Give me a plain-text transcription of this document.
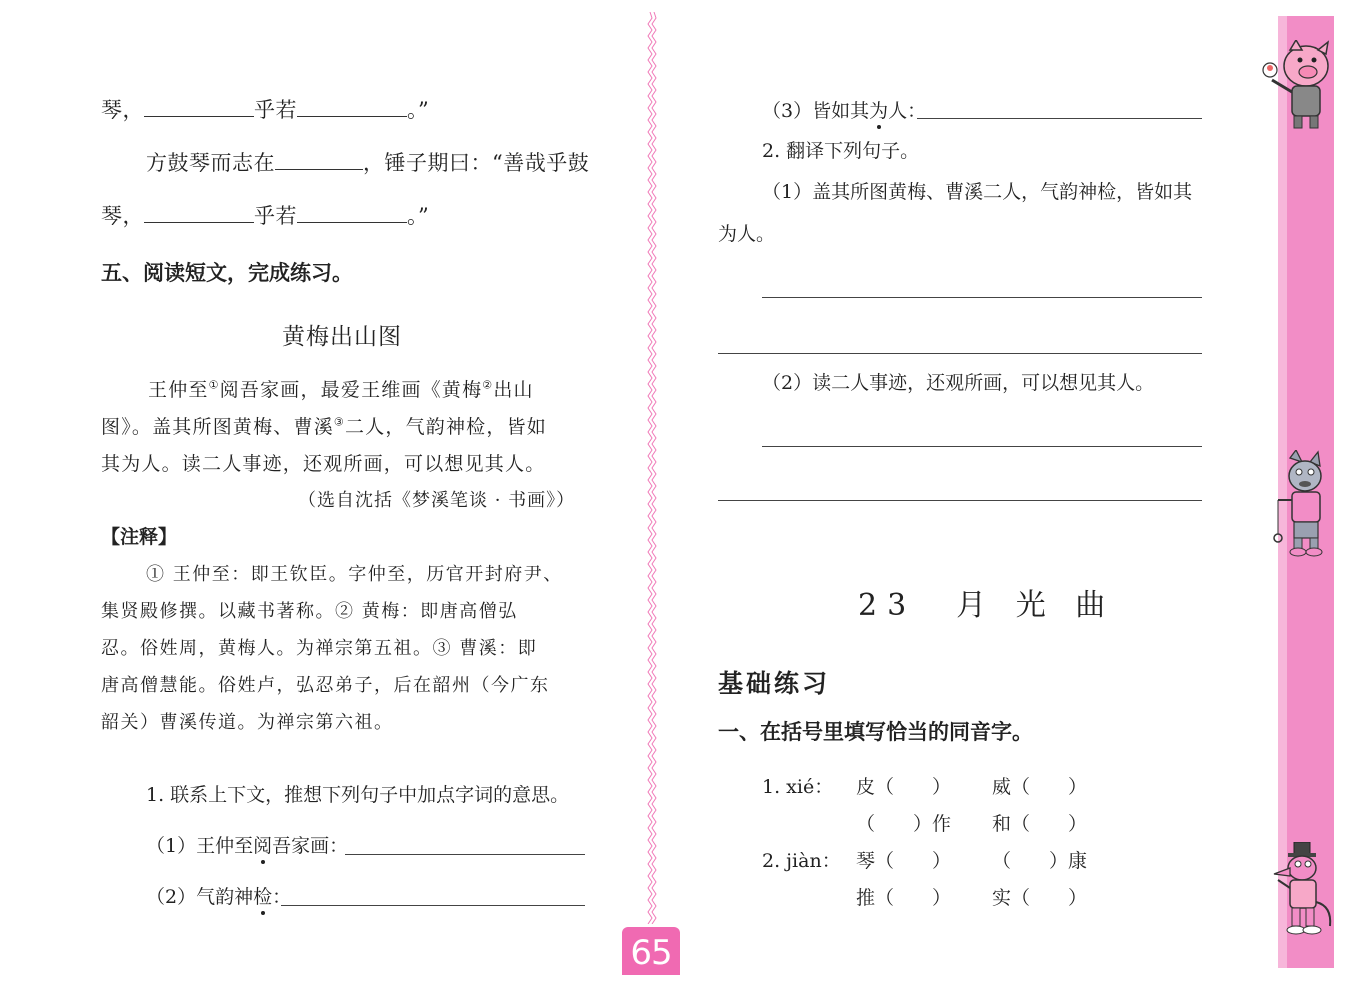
琴，	乎若	。”
方鼓琴而志在	，锤子期曰：“善哉乎鼓
琴，	乎若	。”
五、阅读短文，完成练习。
黄梅出山图
王仲至①阅吾家画，最爱王维画《黄梅②出山
图》。盖其所图黄梅、曹溪③二人，气韵神检，皆如
其为人。读二人事迹，还观所画，可以想见其人。
（选自沈括《梦溪笔谈 · 书画》）
【注释】
① 王仲至：即王钦臣。字仲至，历官开封府尹、
集贤殿修撰。以藏书著称。② 黄梅：即唐高僧弘
忍。俗姓周，黄梅人。为禅宗第五祖。③ 曹溪：即
唐高僧慧能。俗姓卢，弘忍弟子，后在韶州（今广东
韶关）曹溪传道。为禅宗第六祖。
1. 联系上下文，推想下列句子中加点字词的意思。
（1）王仲至阅吾家画：
（2）气韵神检：
65
（3）皆如其为人：
2. 翻译下列句子。
（1）盖其所图黄梅、曹溪二人，气韵神检，皆如其
为人。
（2）读二人事迹，还观所画，可以想见其人。
23　月 光 曲
基础练习
一、在括号里填写恰当的同音字。
1. xié： 皮（　　） 威（　　）
（　　）作 和（　　）
2. jiàn： 琴（　　） （　　）康
推（　　） 实（　　）
